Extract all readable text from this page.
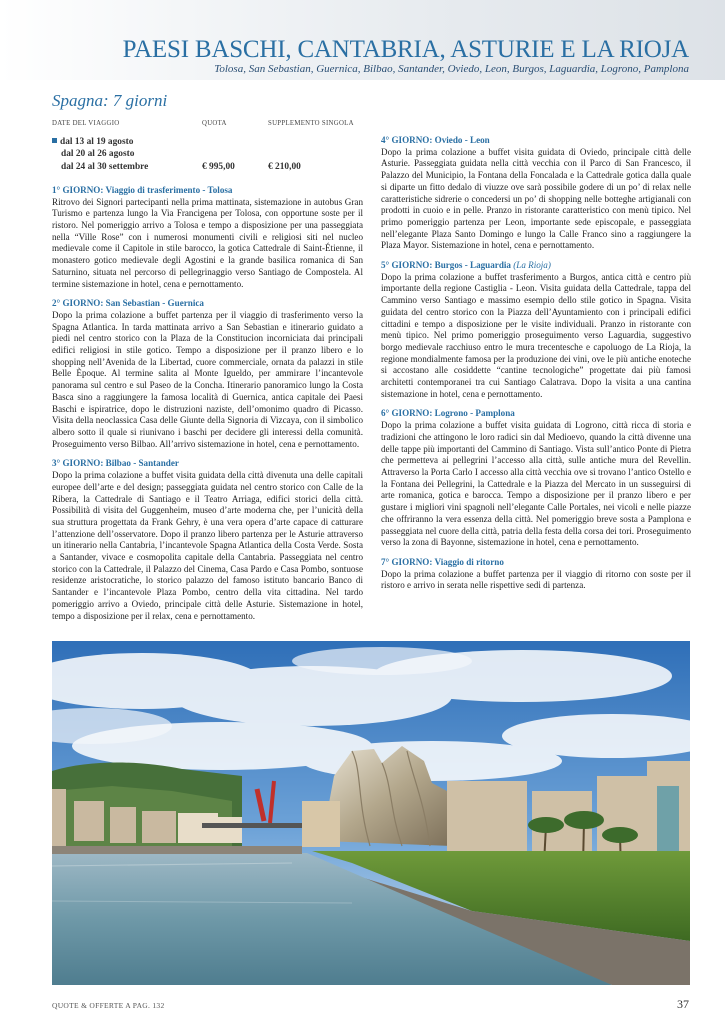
PAESI BASCHI, CANTABRIA, ASTURIE E LA RIOJA
Tolosa, San Sebastian, Guernica, Bilbao, Santander, Oviedo, Leon, Burgos, Laguardia, Logrono, Pamplona
Spagna: 7 giorni
DATE DEL VIAGGIO	QUOTA	SUPPLEMENTO SINGOLA
dal 13 al 19 agosto		
dal 20 al 26 agosto		
dal 24 al 30 settembre	€ 995,00	€ 210,00
1° GIORNO: Viaggio di trasferimento - Tolosa

Ritrovo dei Signori partecipanti nella prima mattinata, sistemazione in autobus Gran Turismo e partenza lungo la Via Francigena per Tolosa, con opportune soste per il ristoro. Nel pomeriggio arrivo a Tolosa e tempo a disposizione per una passeggiata nella “Ville Rose” con i numerosi monumenti civili e religiosi siti nel nucleo medievale come il Capitole in stile barocco, la gotica Cattedrale di Saint-Étienne, il monastero gotico medievale degli Agostini e la grande basilica romanica di San Saturnino, situata nel percorso di pellegrinaggio verso Santiago de Compostela. Al termine sistemazione in hotel, cena e pernottamento.

2° GIORNO: San Sebastian - Guernica

Dopo la prima colazione a buffet partenza per il viaggio di trasferimento verso la Spagna Atlantica. In tarda mattinata arrivo a San Sebastian e itinerario guidato a piedi nel centro storico con la Plaza de la Constitucion incorniciata dai principali edifici religiosi in stile gotico. Tempo a disposizione per il pranzo libero e lo shopping nell’Avenida de la Libertad, cuore commerciale, ornata da palazzi in stile Belle Èpoque. Al termine salita al Monte Igueldo, per ammirare l’incantevole panorama sul centro e sul Paseo de la Concha. Itinerario panoramico lungo la Costa Basca sino a raggiungere la famosa località di Guernica, antica capitale dei Paesi Baschi e ispiratrice, dopo le distruzioni naziste, dell’omonimo quadro di Picasso. Visita della neoclassica Casa delle Giunte della Signoria di Vizcaya, con il simbolico albero sotto il quale si riunivano i baschi per decidere gli interessi della comunità. Proseguimento verso Bilbao. All’arrivo sistemazione in hotel, cena e pernottamento.

3° GIORNO: Bilbao - Santander

Dopo la prima colazione a buffet visita guidata della città divenuta una delle capitali europee dell’arte e del design; passeggiata guidata nel centro storico con Calle de la Ribera, la Cattedrale di Santiago e il Teatro Arriaga, edifici storici della città. Possibilità di visita del Guggenheim, museo d’arte moderna che, per l’unicità della sua struttura progettata da Frank Gehry, è una vera opera d’arte capace di catturare l’attenzione dell’osservatore. Dopo il pranzo libero partenza per le Asturie attraverso un itinerario nella Cantabria, l’incantevole Spagna Atlantica della Costa Verde. Sosta a Santander, vivace e cosmopolita capitale della Cantabria. Passeggiata nel centro storico con la Cattedrale, il Palazzo del Cinema, Casa Pardo e Casa Pombo, sontuose residenze aristocratiche, lo storico palazzo del famoso istituto bancario Banco di Santander e l’incantevole Plaza Pombo, centro della vita cittadina. Nel tardo pomeriggio arrivo a Oviedo, principale città delle Asturie. Sistemazione in hotel, tempo a disposizione per il relax, cena e pernottamento.

4° GIORNO: Oviedo - Leon

Dopo la prima colazione a buffet visita guidata di Oviedo, principale città delle Asturie. Passeggiata guidata nella città vecchia con il Parco di San Francesco, il Palazzo del Municipio, la Fontana della Foncalada e la Cattedrale gotica dalla quale si diparte un fitto dedalo di viuzze ove sarà possibile godere di un po’ di relax nelle caratteristiche sidrerie o concedersi un po’ di shopping nelle botteghe artigianali con prodotti in cuoio e in pelle. Pranzo in ristorante caratteristico con menù tipico. Nel primo pomeriggio partenza per Leon, importante sede episcopale, e passeggiata nell’elegante Plaza Santo Domingo e lungo la Calle Franco sino a raggiungere la Plaza Mayor. Sistemazione in hotel, cena e pernottamento.

5° GIORNO: Burgos - Laguardia (La Rioja)

Dopo la prima colazione a buffet trasferimento a Burgos, antica città e centro più importante della regione Castiglia - Leon. Visita guidata della Cattedrale, tappa del Cammino verso Santiago e massimo esempio dello stile gotico in Spagna. Visita guidata del centro storico con la Piazza dell’Ayuntamiento con i principali edifici cittadini e tempo a disposizione per le visite individuali. Pranzo in ristorante con menù tipico. Nel primo pomeriggio proseguimento verso Laguardia, suggestivo borgo medievale racchiuso entro le mura trecentesche e capoluogo de La Rioja, la regione mondialmente famosa per la produzione dei vini, ove le più antiche enoteche si accostano alle cosiddette “cantine tecnologiche” progettate dai più famosi architetti contemporanei tra cui Santiago Calatrava. Dopo la visita a una cantina sistemazione in hotel, cena e pernottamento.

6° GIORNO: Logrono - Pamplona

Dopo la prima colazione a buffet visita guidata di Logrono, città ricca di storia e tradizioni che attingono le loro radici sin dal Medioevo, quando la città divenne una delle tappe più importanti del Cammino di Santiago. Vista sull’antico Ponte di Pietra che permetteva ai pellegrini l’accesso alla città, sulle antiche mura del Revellin. Attraverso la Porta Carlo I accesso alla città vecchia ove si trovano l’antico Ostello e la Fontana dei Pellegrini, la Cattedrale e la Piazza del Mercato in un susseguirsi di arte romanica, gotica e barocca. Tempo a disposizione per il pranzo libero e per gustare i migliori vini spagnoli nell’elegante Calle Portales, nei vicoli e nelle piazze che offriranno la vera essenza della città. Nel pomeriggio breve sosta a Pamplona e passeggiata nel cuore della città, patria della festa della corsa dei tori. Proseguimento verso la zona di Bayonne, sistemazione in hotel, cena e pernottamento.

7° GIORNO: Viaggio di ritorno

Dopo la prima colazione a buffet partenza per il viaggio di ritorno con soste per il ristoro e arrivo in serata nelle rispettive sedi di partenza.

QUOTE & OFFERTE A PAG. 132	37
